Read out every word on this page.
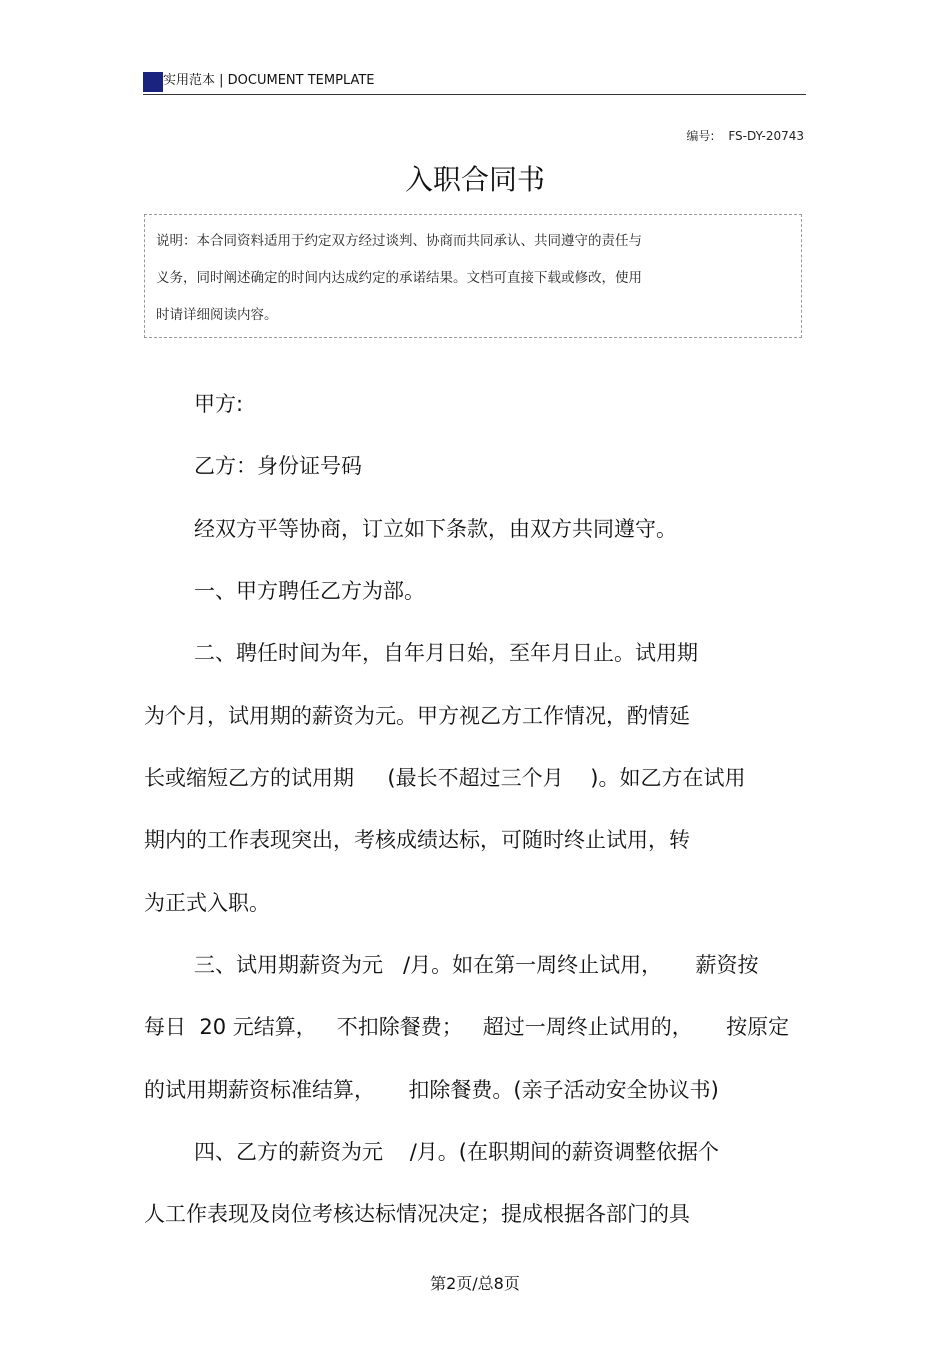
实用范本 | DOCUMENT TEMPLATE
编号: FS-DY-20743
入职合同书
说明：本合同资料适用于约定双方经过谈判、协商而共同承认、共同遵守的责任与
义务，同时阐述确定的时间内达成约定的承诺结果。文档可直接下载或修改，使用
时请详细阅读内容。
甲方:
乙方：身份证号码
经双方平等协商，订立如下条款，由双方共同遵守。
一、甲方聘任乙方为部。
二、聘任时间为年，自年月日始，至年月日止。试用期
为个月，试用期的薪资为元。甲方视乙方工作情况，酌情延
长或缩短乙方的试用期     (最长不超过三个月    )。如乙方在试用
期内的工作表现突出，考核成绩达标，可随时终止试用，转
为正式入职。
三、试用期薪资为元   /月。如在第一周终止试用，     薪资按
每日  20 元结算，   不扣除餐费；   超过一周终止试用的，     按原定
的试用期薪资标准结算，     扣除餐费。(亲子活动安全协议书)
四、乙方的薪资为元    /月。(在职期间的薪资调整依据个
人工作表现及岗位考核达标情况决定；提成根据各部门的具
第2页/总8页
